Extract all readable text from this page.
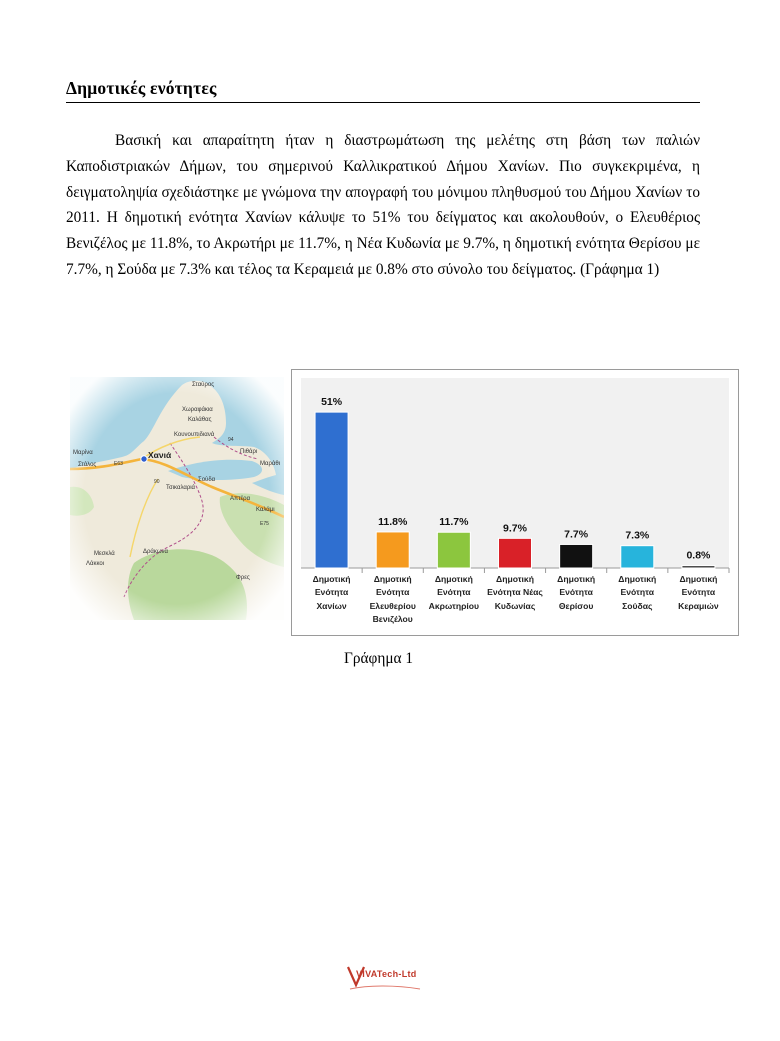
Δημοτικές ενότητες

Βασική και απαραίτητη ήταν η διαστρωμάτωση της μελέτης στη βάση των παλιών Καποδιστριακών Δήμων, του σημερινού Καλλικρατικού Δήμου Χανίων. Πιο συγκεκριμένα, η δειγματοληψία σχεδιάστηκε με γνώμονα την απογραφή του μόνιμου πληθυσμού του Δήμου Χανίων το 2011. Η δημοτική ενότητα Χανίων κάλυψε το 51% του δείγματος και ακολουθούν, ο Ελευθέριος Βενιζέλος με 11.8%, το Ακρωτήρι με 11.7%, η Νέα Κυδωνία με 9.7%, η δημοτική ενότητα Θερίσου με 7.7%, η Σούδα με 7.3% και τέλος τα Κεραμειά με 0.8% στο σύνολο του δείγματος. (Γράφημα 1)

Σταύρος
Χωραφάκια
Καλάθας
Κουνουπιδιανά
94
Πιθάρι
Μαράθι
Χανιά
E63
Μαρίνα
Στάλος
Σούδα
Τσικαλαριά
90
Απτέρα
Καλάμι
E75
Δράκωνα
Μεσκλά
Λάκκοι
Φρες
51%
11.8%	11.7%
9.7%
7.7%	7.3%
0.8%
Δημοτική
Ενότητα
Χανίων
Δημοτική
Ενότητα
Ελευθερίου
Βενιζέλου
Δημοτική
Ενότητα
Ακρωτηρίου
Δημοτική
Ενότητα Νέας
Κυδωνίας
Δημοτική
Ενότητα
Θερίσου
Δημοτική
Ενότητα
Σούδας
Δημοτική
Ενότητα
Κεραμιών
Γράφημα 1
VIVATech-Ltd
